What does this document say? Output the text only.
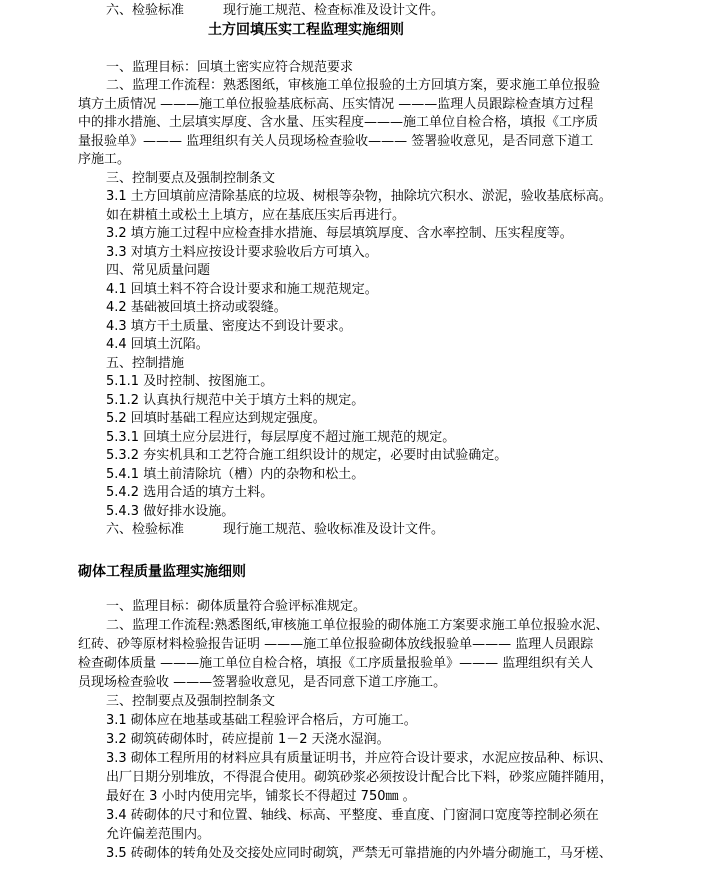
六、检验标准　　　现行施工规范、检查标准及设计文件。
土方回填压实工程监理实施细则
一、监理目标：回填土密实应符合规范要求
二、监理工作流程：熟悉图纸，审核施工单位报验的土方回填方案，要求施工单位报验
填方土质情况 ———施工单位报验基底标高、压实情况 ———监理人员跟踪检查填方过程
中的排水措施、土层填实厚度、含水量、压实程度———施工单位自检合格，填报《工序质
量报验单》——— 监理组织有关人员现场检查验收——— 签署验收意见，是否同意下道工
序施工。
三、控制要点及强制控制条文
3.1 土方回填前应清除基底的垃圾、树根等杂物，抽除坑穴积水、淤泥，验收基底标高。
如在耕植土或松土上填方，应在基底压实后再进行。
3.2 填方施工过程中应检查排水措施、每层填筑厚度、含水率控制、压实程度等。
3.3 对填方土料应按设计要求验收后方可填入。
四、常见质量问题
4.1 回填土料不符合设计要求和施工规范规定。
4.2 基础被回填土挤动或裂缝。
4.3 填方干土质量、密度达不到设计要求。
4.4 回填土沉陷。
五、控制措施
5.1.1 及时控制、按图施工。
5.1.2 认真执行规范中关于填方土料的规定。
5.2 回填时基础工程应达到规定强度。
5.3.1 回填土应分层进行，每层厚度不超过施工规范的规定。
5.3.2 夯实机具和工艺符合施工组织设计的规定，必要时由试验确定。
5.4.1 填土前清除坑（槽）内的杂物和松土。
5.4.2 选用合适的填方土料。
5.4.3 做好排水设施。
六、检验标准　　　现行施工规范、验收标准及设计文件。
砌体工程质量监理实施细则
一、监理目标：砌体质量符合验评标准规定。
二、监理工作流程:熟悉图纸,审核施工单位报验的砌体施工方案要求施工单位报验水泥、
红砖、砂等原材料检验报告证明 ———施工单位报验砌体放线报验单——— 监理人员跟踪
检查砌体质量 ———施工单位自检合格，填报《工序质量报验单》——— 监理组织有关人
员现场检查验收 ———签署验收意见，是否同意下道工序施工。
三、控制要点及强制控制条文
3.1 砌体应在地基或基础工程验评合格后，方可施工。
3.2 砌筑砖砌体时，砖应提前 1－2 天浇水湿润。
3.3 砌体工程所用的材料应具有质量证明书，并应符合设计要求，水泥应按品种、标识、
出厂日期分别堆放，不得混合使用。砌筑砂浆必须按设计配合比下料，砂浆应随拌随用，
最好在 3 小时内使用完毕，铺浆长不得超过 750㎜ 。
3.4 砖砌体的尺寸和位置、轴线、标高、平整度、垂直度、门窗洞口宽度等控制必须在
允许偏差范围内。
3.5 砖砌体的转角处及交接处应同时砌筑，严禁无可靠措施的内外墙分砌施工，马牙槎、
